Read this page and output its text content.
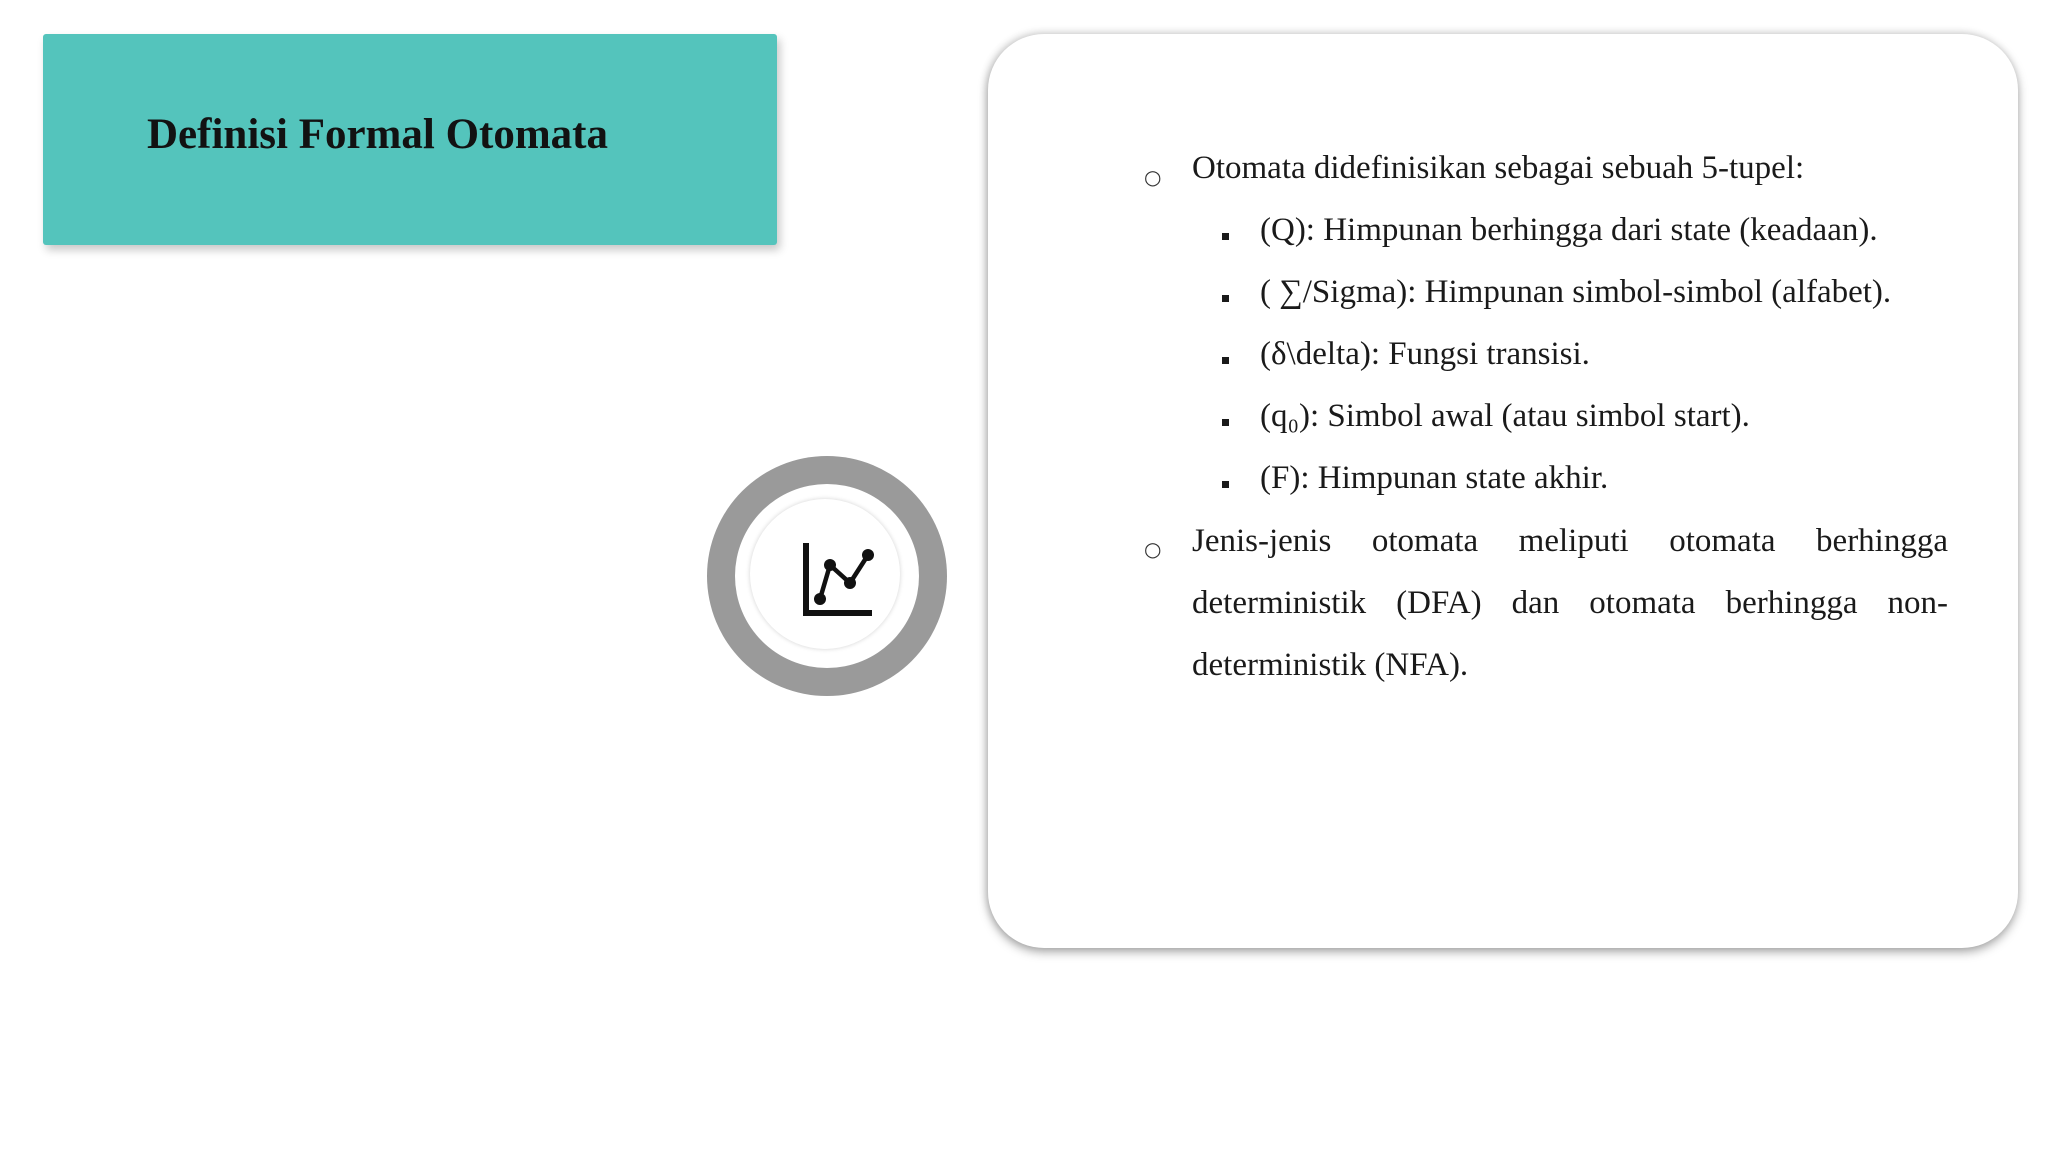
Definisi Formal Otomata
○ Otomata didefinisikan sebagai sebuah 5-tupel:
(Q): Himpunan berhingga dari state (keadaan).
( ∑/Sigma): Himpunan simbol-simbol (alfabet).
(δ\delta): Fungsi transisi.
(q₀): Simbol awal (atau simbol start).
(F): Himpunan state akhir.
○ Jenis-jenis otomata meliputi otomata berhingga deterministik (DFA) dan otomata berhingga non-deterministik (NFA).
